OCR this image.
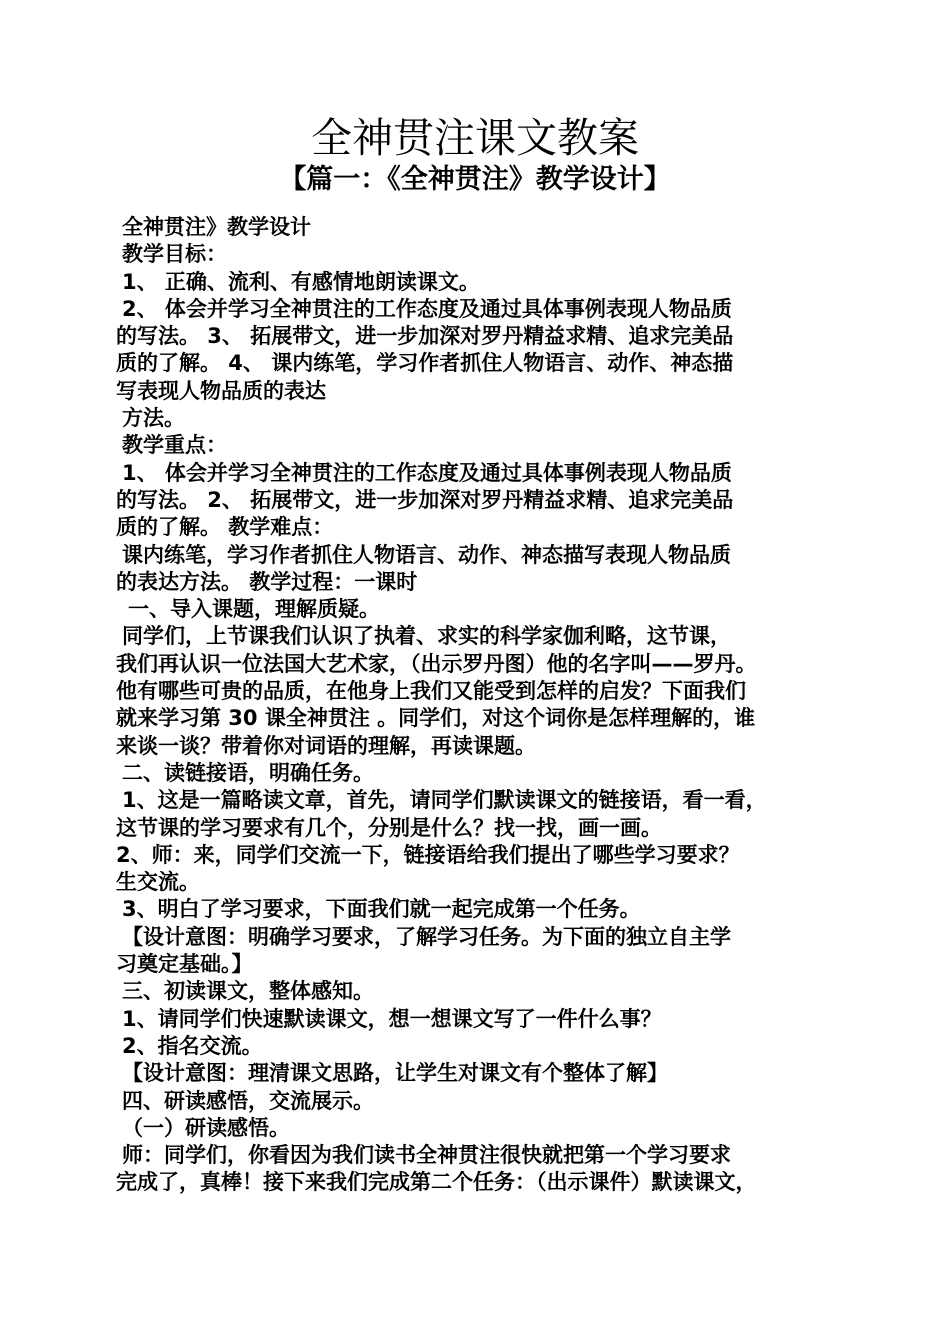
全神贯注课文教案
【篇一：《全神贯注》教学设计】
全神贯注》教学设计
教学目标：
1、 正确、流利、有感情地朗读课文。
2、 体会并学习全神贯注的工作态度及通过具体事例表现人物品质
的写法。 3、 拓展带文，进一步加深对罗丹精益求精、追求完美品
质的了解。 4、 课内练笔，学习作者抓住人物语言、动作、神态描
写表现人物品质的表达
方法。
教学重点：
1、 体会并学习全神贯注的工作态度及通过具体事例表现人物品质
的写法。 2、 拓展带文，进一步加深对罗丹精益求精、追求完美品
质的了解。 教学难点：
课内练笔，学习作者抓住人物语言、动作、神态描写表现人物品质
的表达方法。 教学过程：一课时
一、导入课题，理解质疑。
同学们，上节课我们认识了执着、求实的科学家伽利略，这节课，
我们再认识一位法国大艺术家，（出示罗丹图）他的名字叫——罗丹。
他有哪些可贵的品质，在他身上我们又能受到怎样的启发？下面我们
就来学习第 30 课全神贯注 。同学们，对这个词你是怎样理解的，谁
来谈一谈？带着你对词语的理解，再读课题。
二、读链接语，明确任务。
1、这是一篇略读文章，首先，请同学们默读课文的链接语，看一看，
这节课的学习要求有几个，分别是什么？找一找，画一画。
2、师：来，同学们交流一下，链接语给我们提出了哪些学习要求？
生交流。
3、明白了学习要求，下面我们就一起完成第一个任务。
【设计意图：明确学习要求，了解学习任务。为下面的独立自主学
习奠定基础。】
三、初读课文，整体感知。
1、请同学们快速默读课文，想一想课文写了一件什么事？
2、指名交流。
【设计意图：理清课文思路，让学生对课文有个整体了解】
四、研读感悟，交流展示。
（一）研读感悟。
师：同学们，你看因为我们读书全神贯注很快就把第一个学习要求
完成了，真棒！接下来我们完成第二个任务：（出示课件）默读课文，
